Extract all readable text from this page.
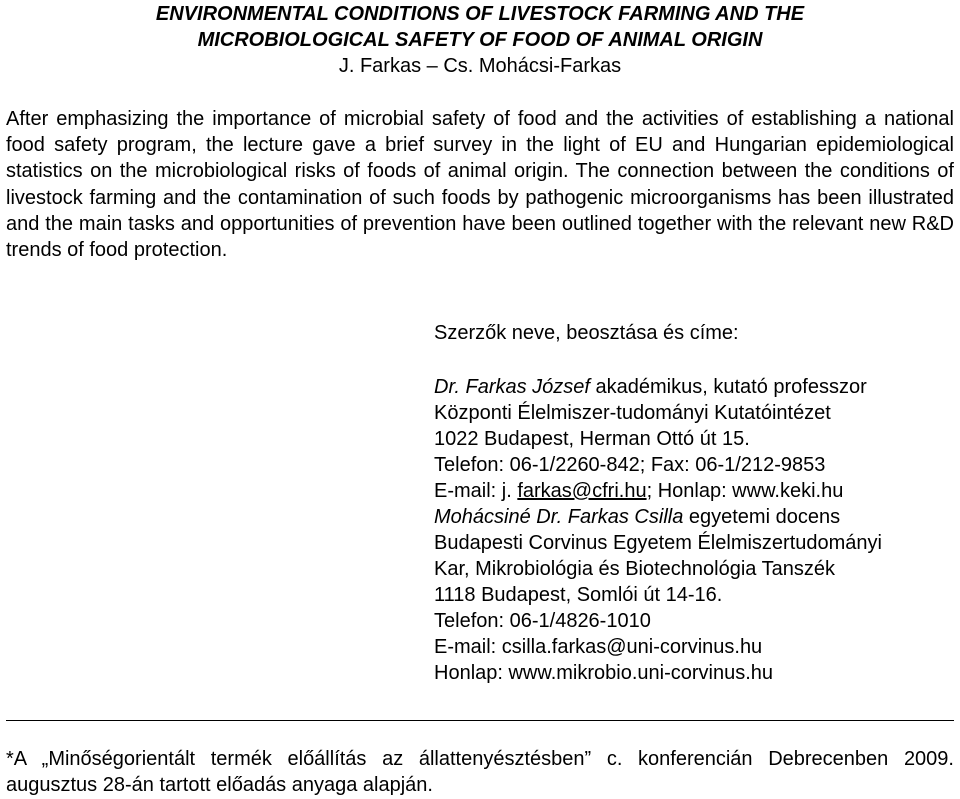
ENVIRONMENTAL CONDITIONS OF LIVESTOCK FARMING AND THE
MICROBIOLOGICAL SAFETY OF FOOD OF ANIMAL ORIGIN
J. Farkas – Cs. Mohácsi-Farkas

After emphasizing the importance of microbial safety of food and the activities of establishing a national food safety program, the lecture gave a brief survey in the light of EU and Hungarian epidemiological statistics on the microbiological risks of foods of animal origin. The connection between the conditions of livestock farming and the contamination of such foods by pathogenic microorganisms has been illustrated and the main tasks and opportunities of prevention have been outlined together with the relevant new R&D trends of food protection.

Szerzők neve, beosztása és címe:
Dr. Farkas József akadémikus, kutató professzor
Központi Élelmiszer-tudományi Kutatóintézet
1022 Budapest, Herman Ottó út 15.
Telefon: 06-1/2260-842; Fax: 06-1/212-9853
E-mail: j. farkas@cfri.hu; Honlap: www.keki.hu
Mohácsiné Dr. Farkas Csilla egyetemi docens
Budapesti Corvinus Egyetem Élelmiszertudományi
Kar, Mikrobiológia és Biotechnológia Tanszék
1118 Budapest, Somlói út 14-16.
Telefon: 06-1/4826-1010
E-mail: csilla.farkas@uni-corvinus.hu
Honlap: www.mikrobio.uni-corvinus.hu

*A „Minőségorientált termék előállítás az állattenyésztésben” c. konferencián Debrecenben 2009. augusztus 28-án tartott előadás anyaga alapján.
